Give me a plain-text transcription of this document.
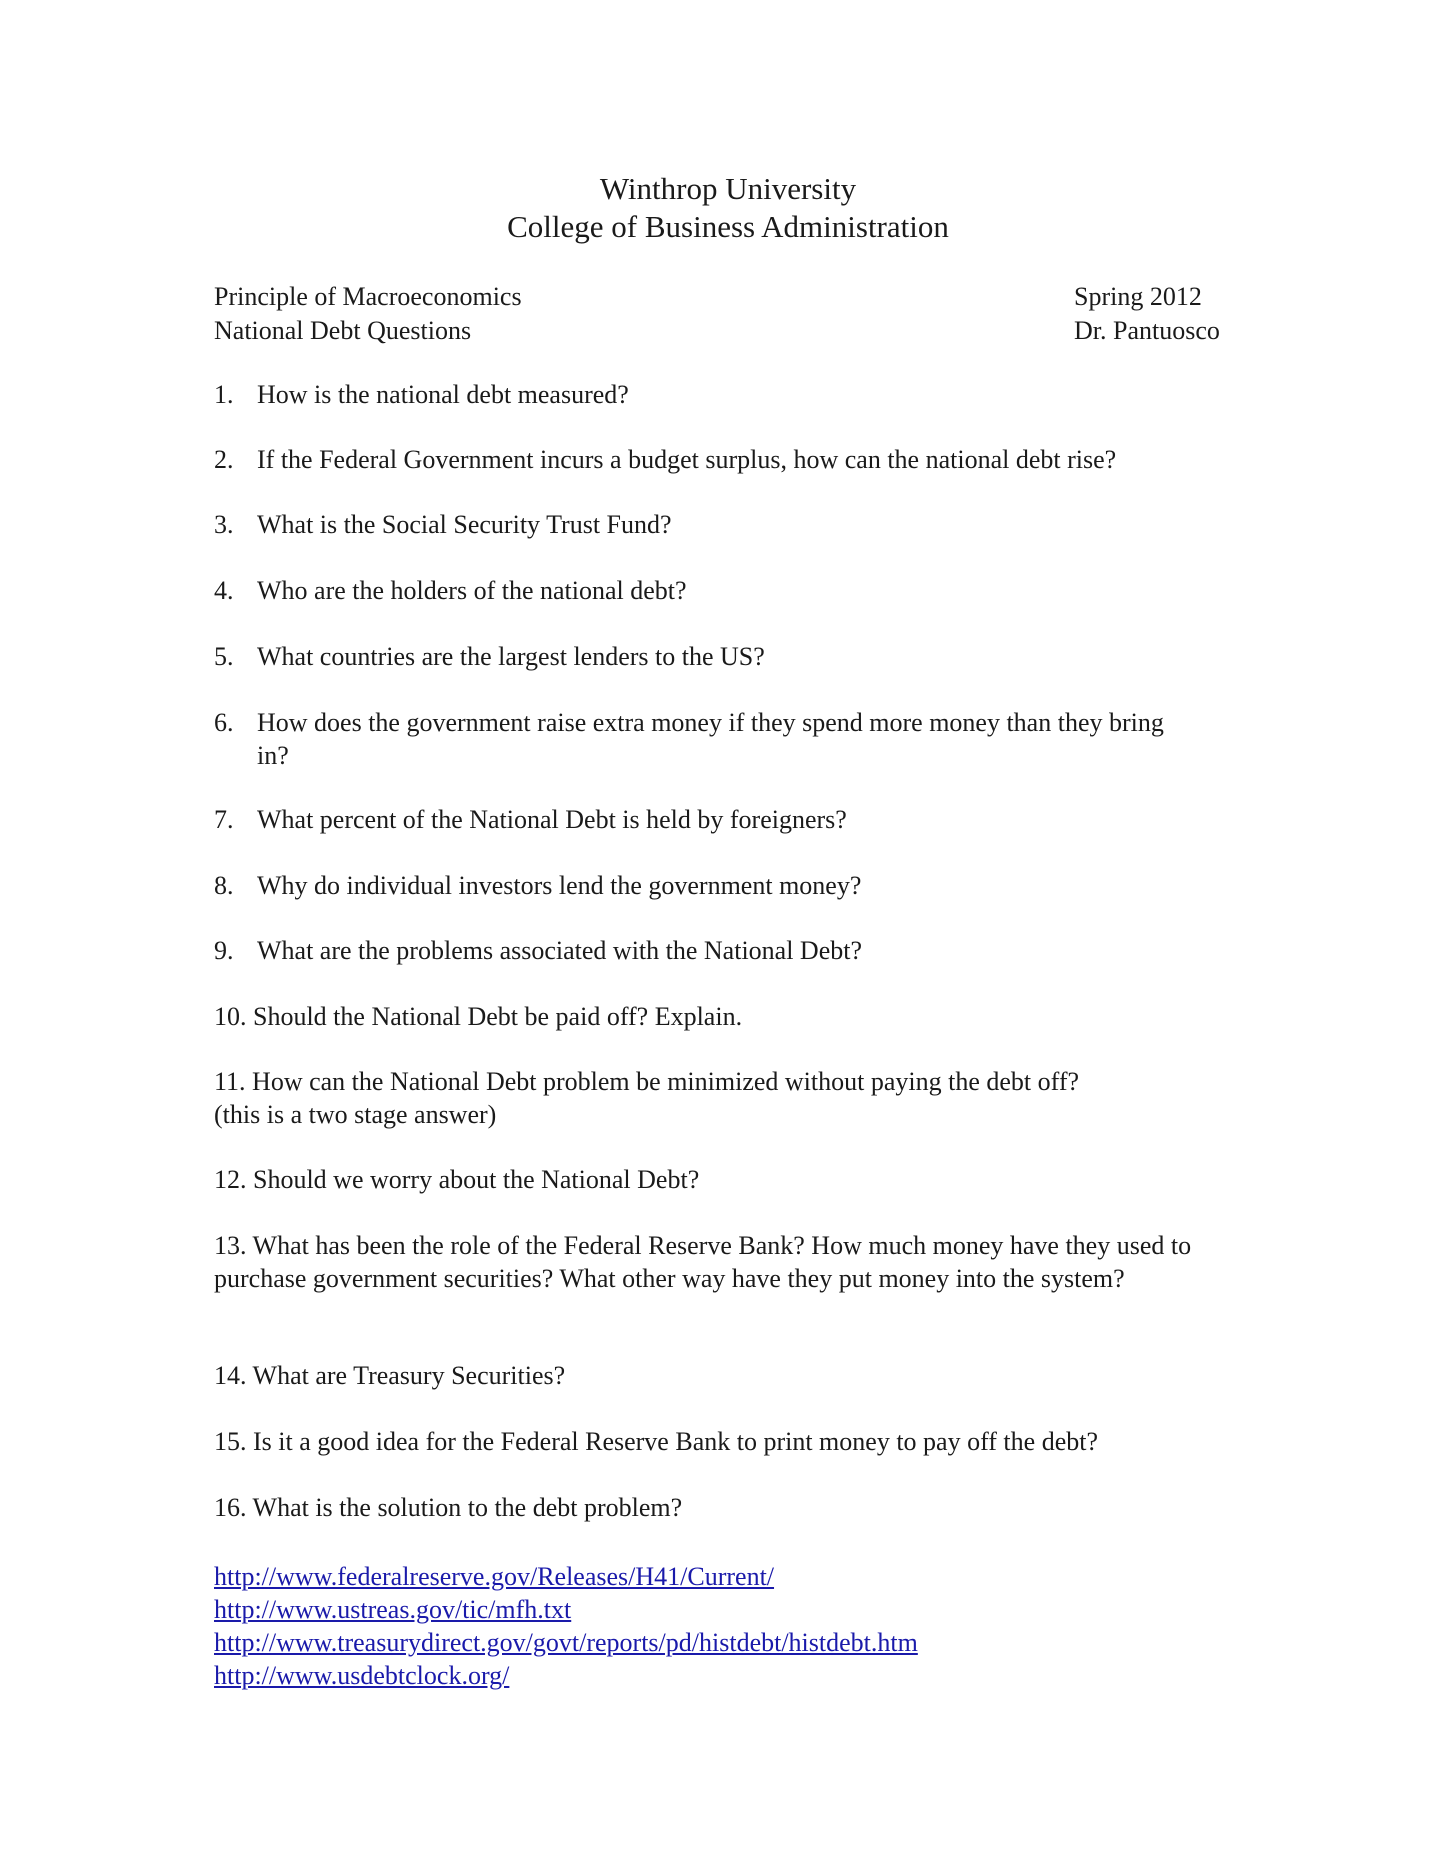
Winthrop University
College of Business Administration
Principle of Macroeconomics	Spring 2012
National Debt Questions	Dr. Pantuosco
1. How is the national debt measured?
2. If the Federal Government incurs a budget surplus, how can the national debt rise?
3. What is the Social Security Trust Fund?
4. Who are the holders of the national debt?
5. What countries are the largest lenders to the US?
6. How does the government raise extra money if they spend more money than they bring in?
7. What percent of the National Debt is held by foreigners?
8. Why do individual investors lend the government money?
9. What are the problems associated with the National Debt?
10. Should the National Debt be paid off? Explain.
11. How can the National Debt problem be minimized without paying the debt off?
(this is a two stage answer)
12. Should we worry about the National Debt?
13. What has been the role of the Federal Reserve Bank? How much money have they used to purchase government securities? What other way have they put money into the system?
14. What are Treasury Securities?
15. Is it a good idea for the Federal Reserve Bank to print money to pay off the debt?
16. What is the solution to the debt problem?
http://www.federalreserve.gov/Releases/H41/Current/
http://www.ustreas.gov/tic/mfh.txt
http://www.treasurydirect.gov/govt/reports/pd/histdebt/histdebt.htm
http://www.usdebtclock.org/
